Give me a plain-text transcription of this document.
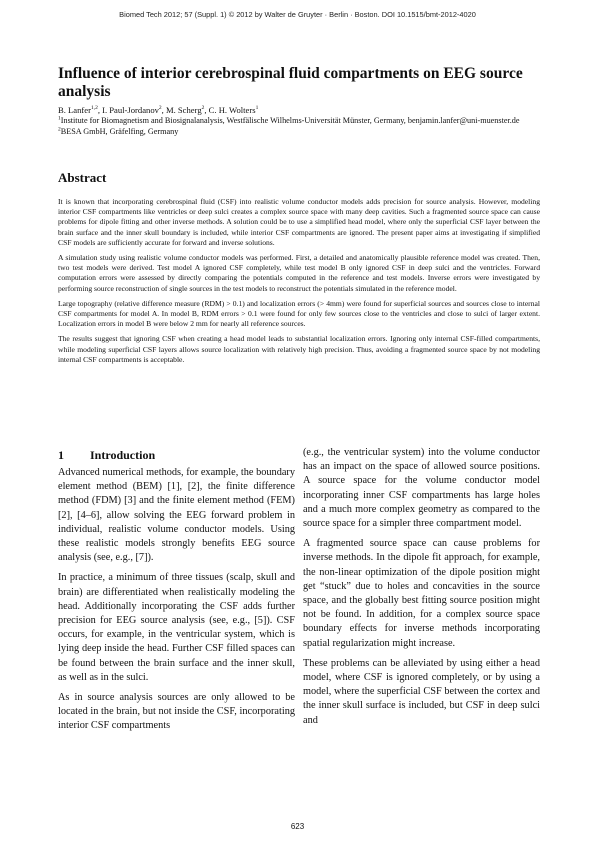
Biomed Tech 2012; 57 (Suppl. 1) © 2012 by Walter de Gruyter · Berlin · Boston. DOI 10.1515/bmt-2012-4020
Influence of interior cerebrospinal fluid compartments on EEG source analysis
B. Lanfer$^{1,2}$, I. Paul-Jordanov$^2$, M. Scherg$^2$, C. H. Wolters$^1$
$^1$Institute for Biomagnetism and Biosignalanalysis, Westfälische Wilhelms-Universität Münster, Germany, benjamin.lanfer@uni-muenster.de
$^2$BESA GmbH, Gräfelfing, Germany
Abstract

It is known that incorporating cerebrospinal fluid (CSF) into realistic volume conductor models adds precision for source analysis. However, modeling interior CSF compartments like ventricles or deep sulci creates a complex source space with many deep cavities. Such a fragmented source space can cause problems for dipole fitting and other inverse methods. A solution could be to use a simplified head model, where only the superficial CSF layer between the brain surface and the inner skull boundary is included, while interior CSF compartments are ignored. The present paper aims at investigating if simplified CSF models are sufficiently accurate for forward and inverse solutions.

A simulation study using realistic volume conductor models was performed. First, a detailed and anatomically plausible reference model was created. Then, two test models were derived. Test model A ignored CSF completely, while test model B only ignored CSF in deep sulci and the ventricles. Forward computation errors were assessed by directly comparing the potentials computed in the reference and test models. Inverse errors were investigated by performing source reconstruction of single sources in the test models to reconstruct the potentials simulated in the reference model.

Large topography (relative difference measure (RDM) > 0.1) and localization errors (> 4mm) were found for superficial sources and sources close to internal CSF compartments for model A. In model B, RDM errors > 0.1 were found for only few sources close to the ventricles and close to sulci of larger extent. Localization errors in model B were below 2 mm for nearly all reference sources.

The results suggest that ignoring CSF when creating a head model leads to substantial localization errors. Ignoring only internal CSF-filled compartments, while modeling superficial CSF layers allows source localization with relatively high precision. Thus, avoiding a fragmented source space by not modeling internal CSF compartments is acceptable.

1 Introduction

Advanced numerical methods, for example, the boundary element method (BEM) [1], [2], the finite difference method (FDM) [3] and the finite element method (FEM) [2], [4–6], allow solving the EEG forward problem in individual, realistic volume conductor models. Using these realistic models strongly benefits EEG source analysis (see, e.g., [7]).

In practice, a minimum of three tissues (scalp, skull and brain) are differentiated when realistically modeling the head. Additionally incorporating the CSF adds further precision for EEG source analysis (see, e.g., [5]). CSF occurs, for example, in the ventricular system, which is lying deep inside the head. Further CSF filled spaces can be found between the brain surface and the inner skull, as well as in the sulci.

As in source analysis sources are only allowed to be located in the brain, but not inside the CSF, incorporating interior CSF compartments

(e.g., the ventricular system) into the volume conductor has an impact on the space of allowed source positions. A source space for the volume conductor model incorporating inner CSF compartments has large holes and a much more complex geometry as compared to the source space for a simpler three compartment model.

A fragmented source space can cause problems for inverse methods. In the dipole fit approach, for example, the non-linear optimization of the dipole position might get “stuck” due to holes and concavities in the source space, and the globally best fitting source position might not be found. In addition, for a complex source space boundary effects for inverse methods incorporating spatial regularization might increase.

These problems can be alleviated by using either a head model, where CSF is ignored completely, or by using a model, where the superficial CSF between the cortex and the inner skull surface is included, but CSF in deep sulci and

623
